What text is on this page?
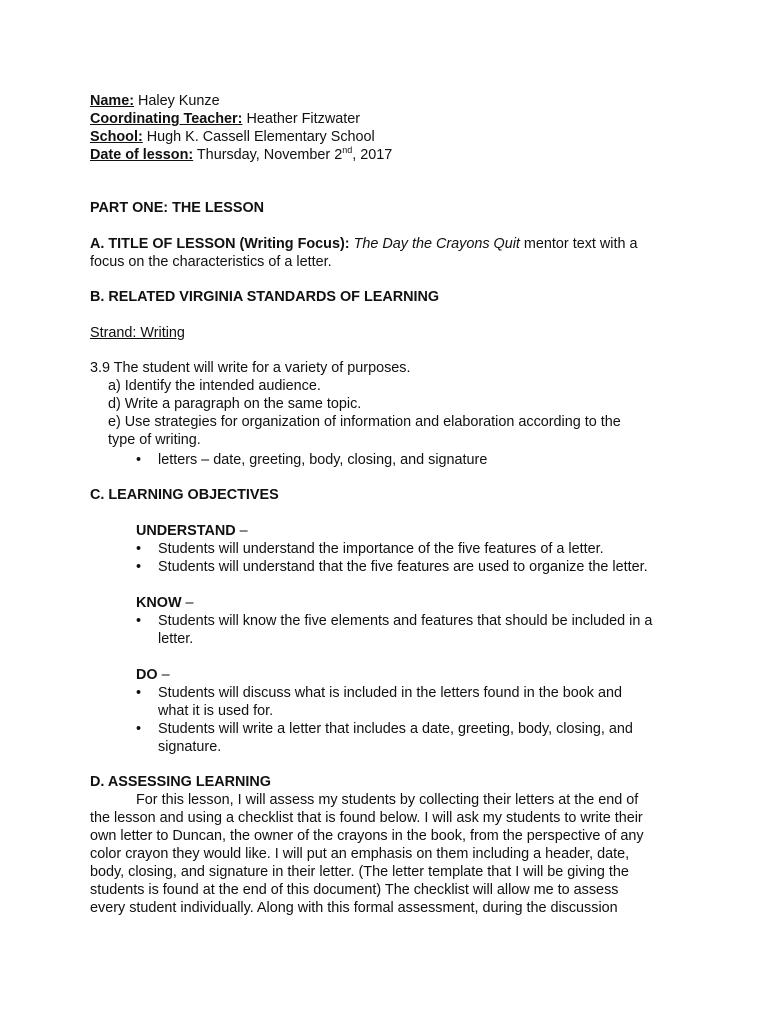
Name: Haley Kunze
Coordinating Teacher: Heather Fitzwater
School: Hugh K. Cassell Elementary School
Date of lesson: Thursday, November 2nd, 2017
PART ONE: THE LESSON
A. TITLE OF LESSON (Writing Focus): The Day the Crayons Quit mentor text with a
focus on the characteristics of a letter.
B. RELATED VIRGINIA STANDARDS OF LEARNING
Strand: Writing
3.9 The student will write for a variety of purposes.
a) Identify the intended audience.
d) Write a paragraph on the same topic.
e) Use strategies for organization of information and elaboration according to the
type of writing.
• letters – date, greeting, body, closing, and signature
C. LEARNING OBJECTIVES
UNDERSTAND –
• Students will understand the importance of the five features of a letter.
• Students will understand that the five features are used to organize the letter.
KNOW –
• Students will know the five elements and features that should be included in a
letter.
DO –
• Students will discuss what is included in the letters found in the book and
what it is used for.
• Students will write a letter that includes a date, greeting, body, closing, and
signature.
D. ASSESSING LEARNING
For this lesson, I will assess my students by collecting their letters at the end of
the lesson and using a checklist that is found below. I will ask my students to write their
own letter to Duncan, the owner of the crayons in the book, from the perspective of any
color crayon they would like. I will put an emphasis on them including a header, date,
body, closing, and signature in their letter. (The letter template that I will be giving the
students is found at the end of this document) The checklist will allow me to assess
every student individually. Along with this formal assessment, during the discussion
